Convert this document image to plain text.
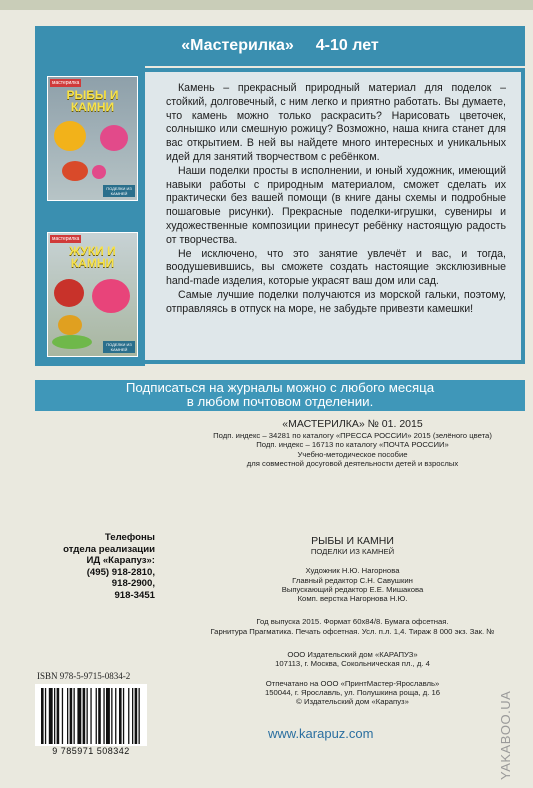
«Мастерилка» 4-10 лет
мастерилка
РЫБЫ И
КАМНИ
ПОДЕЛКИ ИЗ КАМНЕЙ
мастерилка
ЖУКИ И
КАМНИ
ПОДЕЛКИ ИЗ КАМНЕЙ

Камень – прекрасный природный материал для поделок – стойкий, долговечный, с ним легко и приятно работать. Вы думаете, что камень можно только раскрасить? Нарисовать цветочек, солнышко или смешную рожицу? Возможно, наша книга станет для вас открытием. В ней вы найдете много интересных и уникальных идей для занятий творчеством с ребёнком.

Наши поделки просты в исполнении, и юный художник, имеющий навыки работы с природным материалом, сможет сделать их практически без вашей помощи (в книге даны схемы и подробные пошаговые рисунки). Прекрасные поделки-игрушки, сувениры и художественные композиции принесут ребёнку настоящую радость от творчества.

Не исключено, что это занятие увлечёт и вас, и тогда, воодушевившись, вы сможете создать настоящие эксклюзивные hand-made изделия, которые украсят ваш дом или сад.

Самые лучшие поделки получаются из морской гальки, поэтому, отправляясь в отпуск на море, не забудьте привезти камешки!

Подписаться на журналы можно с любого месяца
в любом почтовом отделении.
«МАСТЕРИЛКА» № 01. 2015
Подп. индекс – 34281 по каталогу «ПРЕССА РОССИИ» 2015 (зелёного цвета)
Подп. индекс – 16713 по каталогу «ПОЧТА РОССИИ»
Учебно-методическое пособие
для совместной досуговой деятельности детей и взрослых
Телефоны
отдела реализации
ИД «Карапуз»:
(495) 918-2810,
918-2900,
918-3451
РЫБЫ И КАМНИ
ПОДЕЛКИ ИЗ КАМНЕЙ
Художник Н.Ю. Нагорнова
Главный редактор С.Н. Савушкин
Выпускающий редактор Е.Е. Мишакова
Комп. верстка Нагорнова Н.Ю.
Год выпуска 2015. Формат 60x84/8. Бумага офсетная.
Гарнитура Прагматика. Печать офсетная. Усл. п.л. 1,4. Тираж 8 000 экз. Зак. №
ООО Издательский дом «КАРАПУЗ»
107113, г. Москва, Сокольническая пл., д. 4
Отпечатано на ООО «ПринтМастер-Ярославль»
150044, г. Ярославль, ул. Полушкина роща, д. 16
© Издательский дом «Карапуз»
ISBN 978-5-9715-0834-2
9 785971 508342
www.karapuz.com	YAKABOO.UA
